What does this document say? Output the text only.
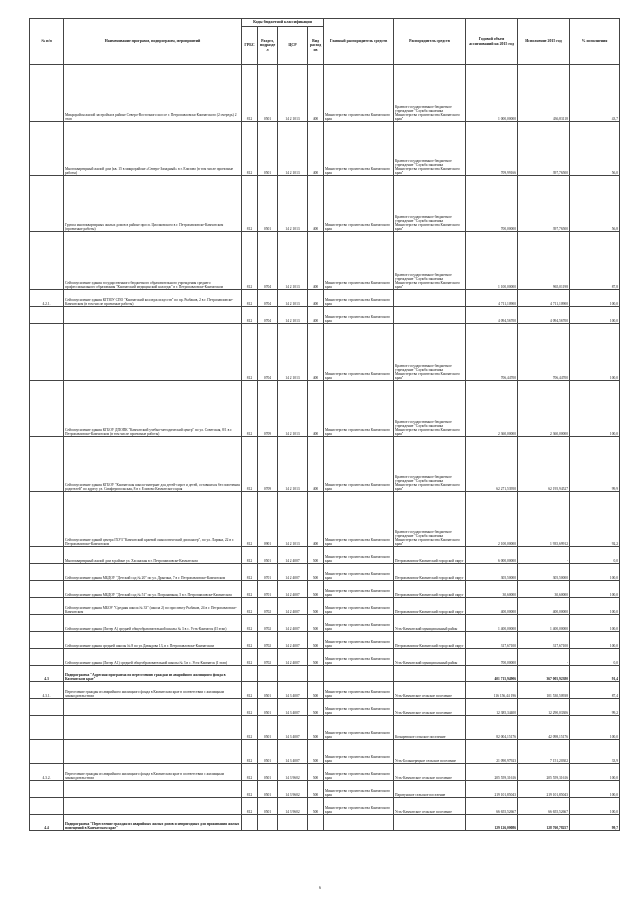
№ п/п	Наименование программ, подпрограмм, мероприятий	Коды бюджетной классификации				Главный распорядитель средств	Распорядитель средств	Годовой объем ассигнований на 2015 год	Исполнение 2015 год	% исполнения
		ГРБС	Раздел, подраздел	ЦСР	Вид расходов					
	Микрорайон жилой застройки в районе Северо-Восточного шоссе г. Петропавловска-Камчатского (2 очередь) 2 этап	812	0501	14 2 1013	400	Министерство строительства Камчатского края	Краевое государственное бюджетное учреждение "Служба заказчика Министерства строительства Камчатского края"	1 000,00000	436,83118	43,7
	Многоквартирный жилой дом (кв. 15 в микрорайоне «Северо-Западный» в г. Елизово (в том числе проектные работы)	812	0501	14 2 1013	400	Министерство строительства Камчатского края	Краевое государственное бюджетное учреждение "Служба заказчика Министерства строительства Камчатского края"	709,99166	397,76500	56,0
	Группа многоквартирных жилых домов в районе просп. Циолковского в г. Петропавловске-Камчатском (проектные работы)	812	0501	14 2 1013	400	Министерство строительства Камчатского края	Краевое государственное бюджетное учреждение "Служба заказчика Министерства строительства Камчатского края"	700,00000	397,76500	56,8
	Сейсмоусиление здания государственного бюджетного образовательного учреждения среднего профессионального образования "Камчатский медицинский колледж" в г. Петропавловске-Камчатском	812	0704	14 2 1013	400	Министерство строительства Камчатского края	Краевое государственное бюджетное учреждение "Служба заказчика Министерства строительства Камчатского края"	1 100,00000	965,01198	87,8
4.2.1.	Сейсмоусиление здания КГПОУ СПО "Камчатский колледж искусств" по пр. Рыбаков, 2 в г. Петропавловске-Камчатском (в том числе проектные работы)	812	0704	14 2 1013	400	Министерство строительства Камчатского края		4 711,10900	4 711,10900	100,0
		812	0704	14 2 1013	400	Министерство строительства Камчатского края		4 094,56700	4 094,56700	100,0
		812	0704	14 2 1013	400	Министерство строительства Камчатского края	Краевое государственное бюджетное учреждение "Служба заказчика Министерства строительства Камчатского края"	706,44700	706,44700	100,0
	Сейсмоусиление здания КГБОУ ДПОПК "Камчатский учебно-методический центр" по ул. Советская, 8/1 в г. Петропавловске-Камчатском (в том числе проектные работы)	812	0709	14 2 1013	400	Министерство строительства Камчатского края	Краевое государственное бюджетное учреждение "Служба заказчика Министерства строительства Камчатского края"	2 360,00000	2 360,00000	100,0
	Сейсмоусиление здания КГБОУ "Камчатская школа-интернат для детей-сирот и детей, оставшихся без попечения родителей" по адресу ул. Симферопольская, 8 в г. Елизово Камчатского края	812	0709	14 2 1013	400	Министерство строительства Камчатского края	Краевое государственное бюджетное учреждение "Служба заказчика Министерства строительства Камчатского края"	62 271,53950	62 195,94527	99,9
	Сейсмоусиление зданий центра ГБУЗ "Камчатский краевой онкологический диспансер", по ул. Ларина, 22 в г. Петропавловске-Камчатском	812	0901	14 2 1013	400	Министерство строительства Камчатского края	Краевое государственное бюджетное учреждение "Служба заказчика Министерства строительства Камчатского края"	2 100,00000	1 935,69912	92,2
	Многоквартирный жилой дом в районе ул. Хасанская в г. Петропавловске-Камчатском	812	0501	14 2 4007	500	Министерство строительства Камчатского края	Петропавловск-Камчатский городской округ	6 000,00000	-	0,0
	Сейсмоусиление здания МБДОУ "Детский сад № 20" по ул. Дрыгина, 7 в г. Петропавловске-Камчатском	812	0701	14 2 4007	500	Министерство строительства Камчатского края	Петропавловск-Камчатский городской округ	305,50000	305,50000	100,0
	Сейсмоусиление здания МБДОУ "Детский сад № 51" по ул. Пограничная, 5 в г. Петропавловске-Камчатском	812	0701	14 2 4007	500	Министерство строительства Камчатского края	Петропавловск-Камчатский городской округ	30,60000	30,60000	100,0
	Сейсмоусиление здания МБОУ "Средняя школа № 33" (школа 2) по проспекту Рыбаков, 24 в г. Петропавловске-Камчатском	812	0702	14 2 4007	500	Министерство строительства Камчатского края	Петропавловск-Камчатский городской округ	400,00000	400,00000	100,0
	Сейсмоусиление здания (Литер А) средней общеобразовательной школы № 3 в с. Усть-Камчатск (II этап)	812	0702	14 2 4007	500	Министерство строительства Камчатского края	Усть-Камчатский муниципальный район	1 400,00000	1 400,00000	100,0
	Сейсмоусиление здания средней школы № 8 по ул.Давыдова 13, в г. Петропавловске-Камчатском	812	0702	14 2 4007	500	Министерство строительства Камчатского края	Петропавловск-Камчатский городской округ	317,67100	317,67100	100,0
	Сейсмоусиление здания (Литер А1) средней общеобразовательной школы № 3 в с. Усть-Камчатск (I этап)	812	0702	14 2 4007	500	Министерство строительства Камчатского края	Усть-Камчатский муниципальный район	700,00000	-	0,0
4.3	Подпрограмма "Адресная программа по переселению граждан из аварийного жилищного фонда в Камчатском крае"							401 715,94906	367 005,92380	91,4
4.3.1.	Переселение граждан из аварийного жилищного фонда в Камчатском крае в соответствии с жилищным законодательством	812	0501	14 3 4007	500	Министерство строительства Камчатского края	Усть-Камчатское сельское поселение	116 156,44 196	101 530,50938	87,4
		812	0501	14 3 4007	500	Министерство строительства Камчатского края	Усть-Камчатское сельское поселение	12 385,34400	12 290,03306	99,2
		812	0501	14 3 4007	500	Министерство строительства Камчатского края	Козыревское сельское поселение	82 004,15176	42 098,15176	100,0
		812	0501	14 3 4007	500	Министерство строительства Камчатского края	Усть-Большерецкое сельское поселение	21 090,97923	7 151,20302	33,9
4.3.2.	Переселение граждан из аварийного жилищного фонда в Камчатском крае в соответствии с жилищным законодательством	812	0501	14 3 9602	500	Министерство строительства Камчатского края	Усть-Камчатское сельское поселение	205 559,31616	205 559,31616	100,0
		812	0501	14 3 9602	500	Министерство строительства Камчатского края	Паратунское сельское поселение	219 101,85043	219 101,85043	100,0
		812	0501	14 3 9602	500	Министерство строительства Камчатского края	Усть-Камчатское сельское поселение	66 655,52667	66 655,52667	100,0
4.4	Подпрограмма "Переселение граждан из аварийных жилых домов и непригодных для проживания жилых помещений в Камчатском крае"							129 126,00086	128 760,78257	99,7
6
